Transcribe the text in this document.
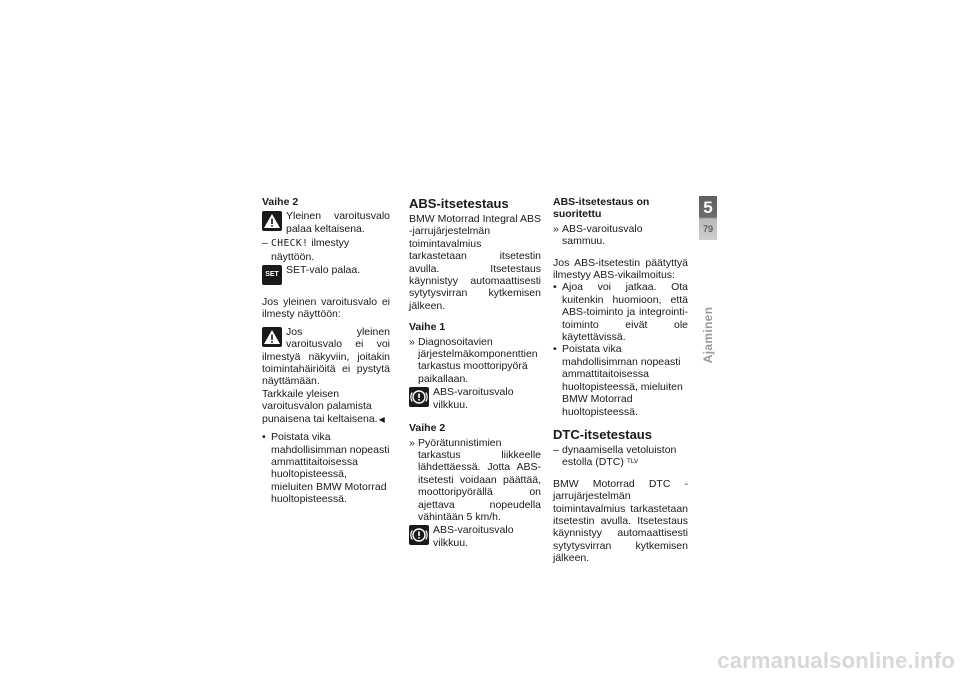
Vaihe 2
Yleinen varoitusvalo palaa keltaisena.
– CHECK! ilmestyy näyttöön.
SET SET-valo palaa.

Jos yleinen varoitusvalo ei ilmesty näyttöön:

Jos yleinen varoitusvalo ei voi ilmestyä näkyviin, joitakin toimintahäiriöitä ei pystytä näyttämään.

Tarkkaile yleisen varoitusvalon palamista punaisena tai keltaisena.◀

• Poistata vika mahdollisimman nopeasti ammattitaitoisessa huoltopisteessä, mieluiten BMW Motorrad huoltopisteessä.
ABS-itsetestaus

BMW Motorrad Integral ABS -jarrujärjestelmän toimintavalmius tarkastetaan itsetestin avulla. Itsetestaus käynnistyy automaattisesti sytytysvirran kytkemisen jälkeen.

Vaihe 1
» Diagnosoitavien järjestelmäkomponenttien tarkastus moottoripyörä paikallaan.
ABS-varoitusvalo vilkkuu.
Vaihe 2
» Pyörätunnistimien tarkastus liikkeelle lähdettäessä. Jotta ABS-itsetesti voidaan päättää, moottoripyörällä on ajettava nopeudella vähintään 5 km/h.
ABS-varoitusvalo vilkkuu.
ABS-itsetestaus on suoritettu
» ABS-varoitusvalo sammuu.

Jos ABS-itsetestin päätyttyä ilmestyy ABS-vikailmoitus:

• Ajoa voi jatkaa. Ota kuitenkin huomioon, että ABS-toiminto ja integrointi-toiminto eivät ole käytettävissä.
• Poistata vika mahdollisimman nopeasti ammattitaitoisessa huoltopisteessä, mieluiten BMW Motorrad huoltopisteessä.
DTC-itsetestaus
– dynaamisella vetoluiston estolla (DTC) $^{TLV}$

BMW Motorrad DTC -jarrujärjestelmän toimintavalmius tarkastetaan itsetestin avulla. Itsetestaus käynnistyy automaattisesti sytytysvirran kytkemisen jälkeen.

5
79
Ajaminen
carmanualsonline.info
